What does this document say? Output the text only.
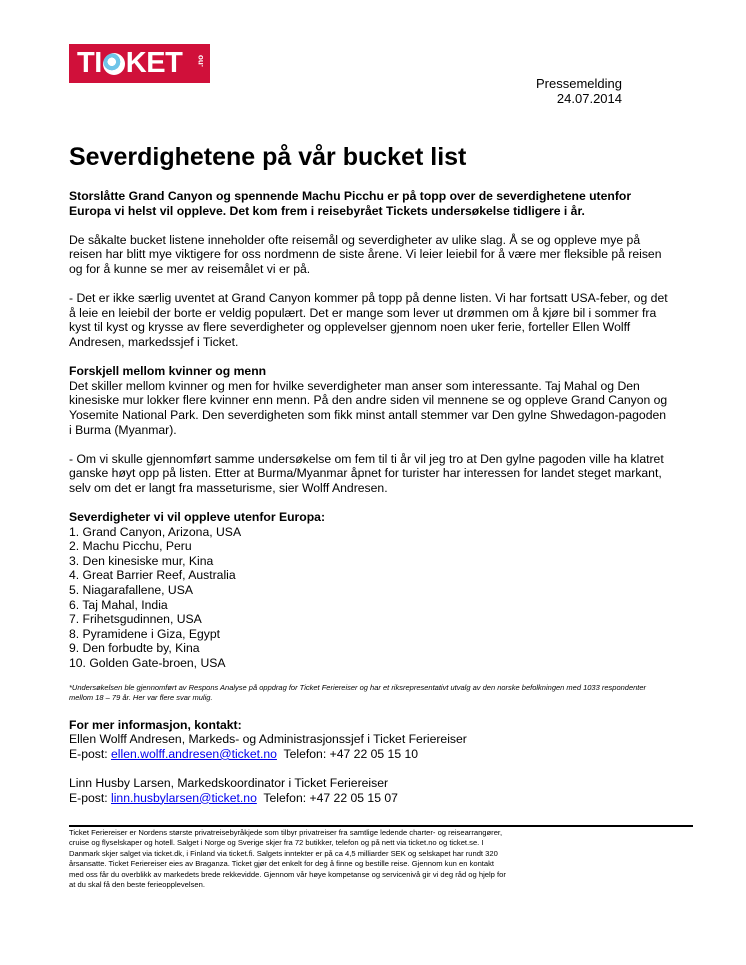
TI KET .no
Pressemelding
24.07.2014
Severdighetene på vår bucket list

Storslåtte Grand Canyon og spennende Machu Picchu er på topp over de severdighetene utenfor Europa vi helst vil oppleve. Det kom frem i reisebyrået Tickets undersøkelse tidligere i år.

De såkalte bucket listene inneholder ofte reisemål og severdigheter av ulike slag. Å se og oppleve mye på reisen har blitt mye viktigere for oss nordmenn de siste årene. Vi leier leiebil for å være mer fleksible på reisen og for å kunne se mer av reisemålet vi er på.

- Det er ikke særlig uventet at Grand Canyon kommer på topp på denne listen. Vi har fortsatt USA-feber, og det å leie en leiebil der borte er veldig populært. Det er mange som lever ut drømmen om å kjøre bil i sommer fra kyst til kyst og krysse av flere severdigheter og opplevelser gjennom noen uker ferie, forteller Ellen Wolff Andresen, markedssjef i Ticket.

Forskjell mellom kvinner og menn
Det skiller mellom kvinner og men for hvilke severdigheter man anser som interessante. Taj Mahal og Den kinesiske mur lokker flere kvinner enn menn. På den andre siden vil mennene se og oppleve Grand Canyon og Yosemite National Park. Den severdigheten som fikk minst antall stemmer var Den gylne Shwedagon-pagoden i Burma (Myanmar).

- Om vi skulle gjennomført samme undersøkelse om fem til ti år vil jeg tro at Den gylne pagoden ville ha klatret ganske høyt opp på listen. Etter at Burma/Myanmar åpnet for turister har interessen for landet steget markant, selv om det er langt fra masseturisme, sier Wolff Andresen.

Severdigheter vi vil oppleve utenfor Europa:
1. Grand Canyon, Arizona, USA
2. Machu Picchu, Peru
3. Den kinesiske mur, Kina
4. Great Barrier Reef, Australia
5. Niagarafallene, USA
6. Taj Mahal, India
7. Frihetsgudinnen, USA
8. Pyramidene i Giza, Egypt
9. Den forbudte by, Kina
10. Golden Gate-broen, USA
*Undersøkelsen ble gjennomført av Respons Analyse på oppdrag for Ticket Feriereiser og har et riksrepresentativt utvalg av den norske befolkningen med 1033 respondenter mellom 18 – 79 år. Her var flere svar mulig.

For mer informasjon, kontakt:
Ellen Wolff Andresen, Markeds- og Administrasjonssjef i Ticket Feriereiser
E-post: ellen.wolff.andresen@ticket.no Telefon: +47 22 05 15 10

Linn Husby Larsen, Markedskoordinator i Ticket Feriereiser
E-post: linn.husbylarsen@ticket.no Telefon: +47 22 05 15 07

Ticket Feriereiser er Nordens største privatreisebyråkjede som tilbyr privatreiser fra samtlige ledende charter- og reisearrangører,
cruise og flyselskaper og hotell. Salget i Norge og Sverige skjer fra 72 butikker, telefon og på nett via ticket.no og ticket.se. I
Danmark skjer salget via ticket.dk, i Finland via ticket.fi. Salgets inntekter er på ca 4,5 milliarder SEK og selskapet har rundt 320
årsansatte. Ticket Feriereiser eies av Braganza. Ticket gjør det enkelt for deg å finne og bestille reise. Gjennom kun en kontakt
med oss får du overblikk av markedets brede rekkevidde. Gjennom vår høye kompetanse og servicenivå gir vi deg råd og hjelp for
at du skal få den beste ferieopplevelsen.
